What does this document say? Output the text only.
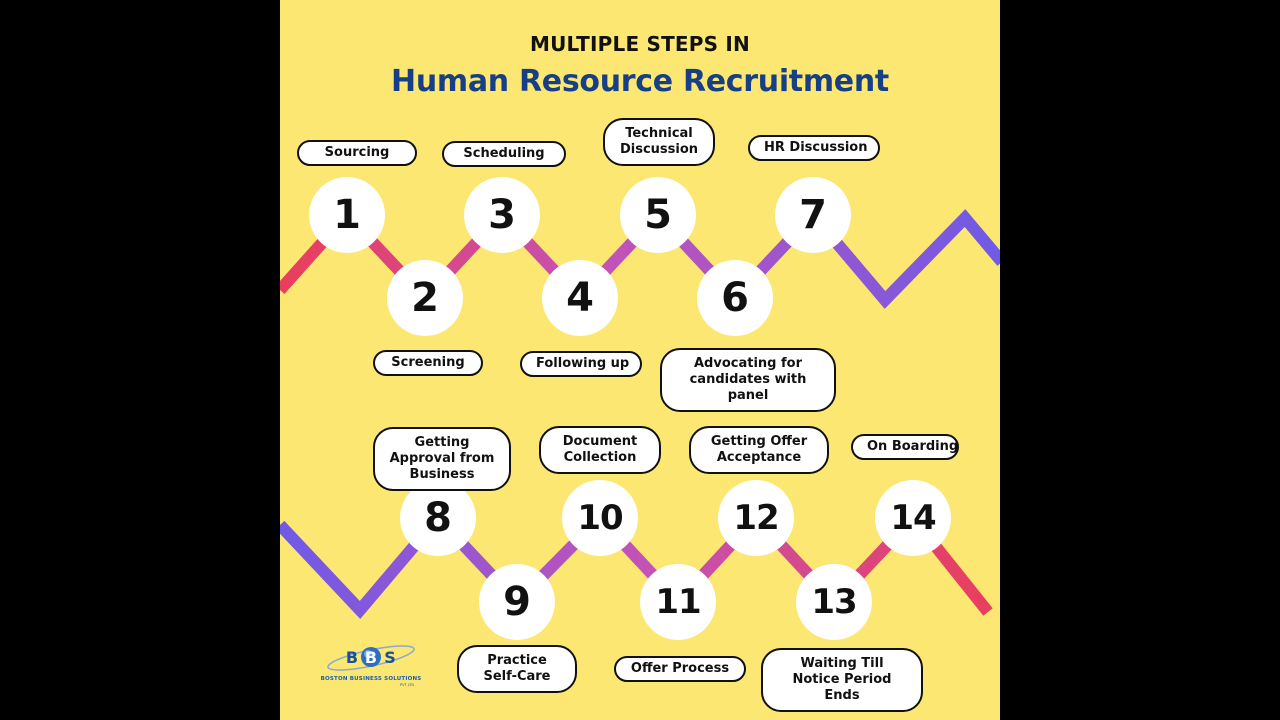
MULTIPLE STEPS IN
Human Resource Recruitment
1
2
3
4
5
6
7
8
9
10
11
12
13
14
Sourcing
Screening
Scheduling
Following up
Technical Discussion
Advocating for candidates with panel
HR Discussion
Getting Approval from Business
Practice Self-Care
Document Collection
Offer Process
Getting Offer Acceptance
Waiting Till Notice Period Ends
On Boarding
B B S
BOSTON BUSINESS SOLUTIONS
PVT LTD
